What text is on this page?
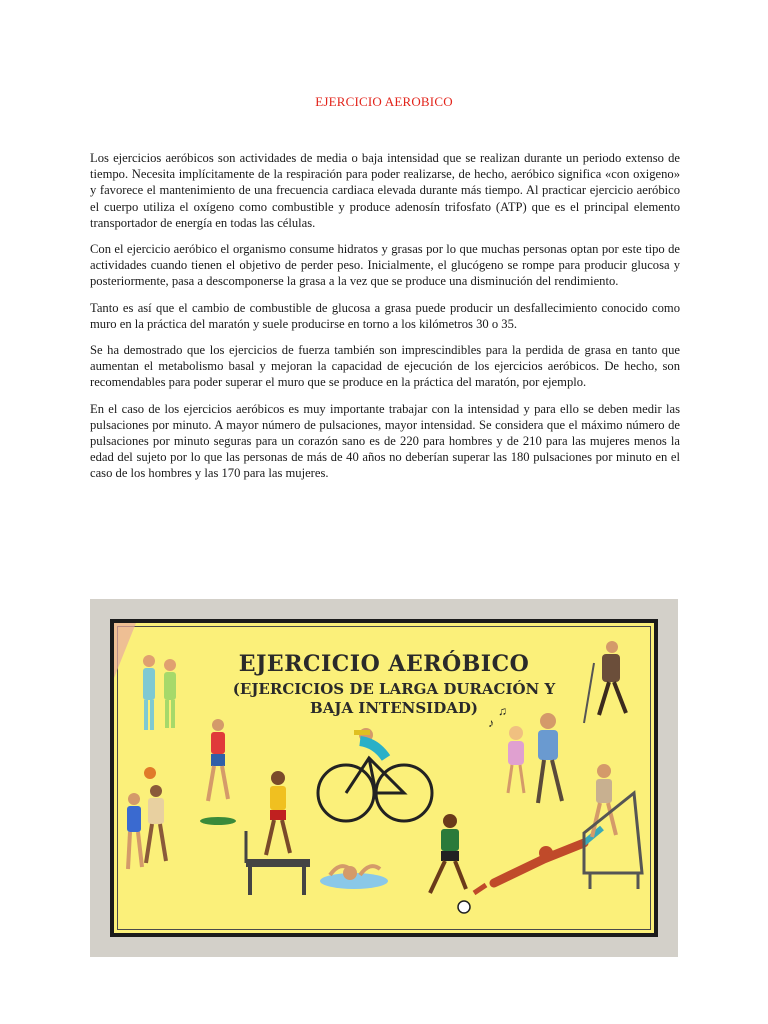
EJERCICIO AEROBICO

Los ejercicios aeróbicos son actividades de media o baja intensidad que se realizan durante un periodo extenso de tiempo. Necesita implícitamente de la respiración para poder realizarse, de hecho, aeróbico significa «con oxigeno» y favorece el mantenimiento de una frecuencia cardiaca elevada durante más tiempo. Al practicar ejercicio aeróbico el cuerpo utiliza el oxígeno como combustible y produce adenosín trifosfato (ATP) que es el principal elemento transportador de energía en todas las células.

Con el ejercicio aeróbico el organismo consume hidratos y grasas por lo que muchas personas optan por este tipo de actividades cuando tienen el objetivo de perder peso. Inicialmente, el glucógeno se rompe para producir glucosa y posteriormente, pasa a descomponerse la grasa a la vez que se produce una disminución del rendimiento.

Tanto es así que el cambio de combustible de glucosa a grasa puede producir un desfallecimiento conocido como muro en la práctica del maratón y suele producirse en torno a los kilómetros 30 o 35.

Se ha demostrado que los ejercicios de fuerza también son imprescindibles para la perdida de grasa en tanto que aumentan el metabolismo basal y mejoran la capacidad de ejecución de los ejercicios aeróbicos. De hecho, son recomendables para poder superar el muro que se produce en la práctica del maratón, por ejemplo.

En el caso de los ejercicios aeróbicos es muy importante trabajar con la intensidad y para ello se deben medir las pulsaciones por minuto. A mayor número de pulsaciones, mayor intensidad. Se considera que el máximo número de pulsaciones por minuto seguras para un corazón sano es de 220 para hombres y de 210 para las mujeres menos la edad del sujeto por lo que las personas de más de 40 años no deberían superar las 180 pulsaciones por minuto en el caso de los hombres y las 170 para las mujeres.

♪
♫
EJERCICIO AERÓBICO
(EJERCICIOS DE LARGA DURACIÓN Y
BAJA INTENSIDAD)
